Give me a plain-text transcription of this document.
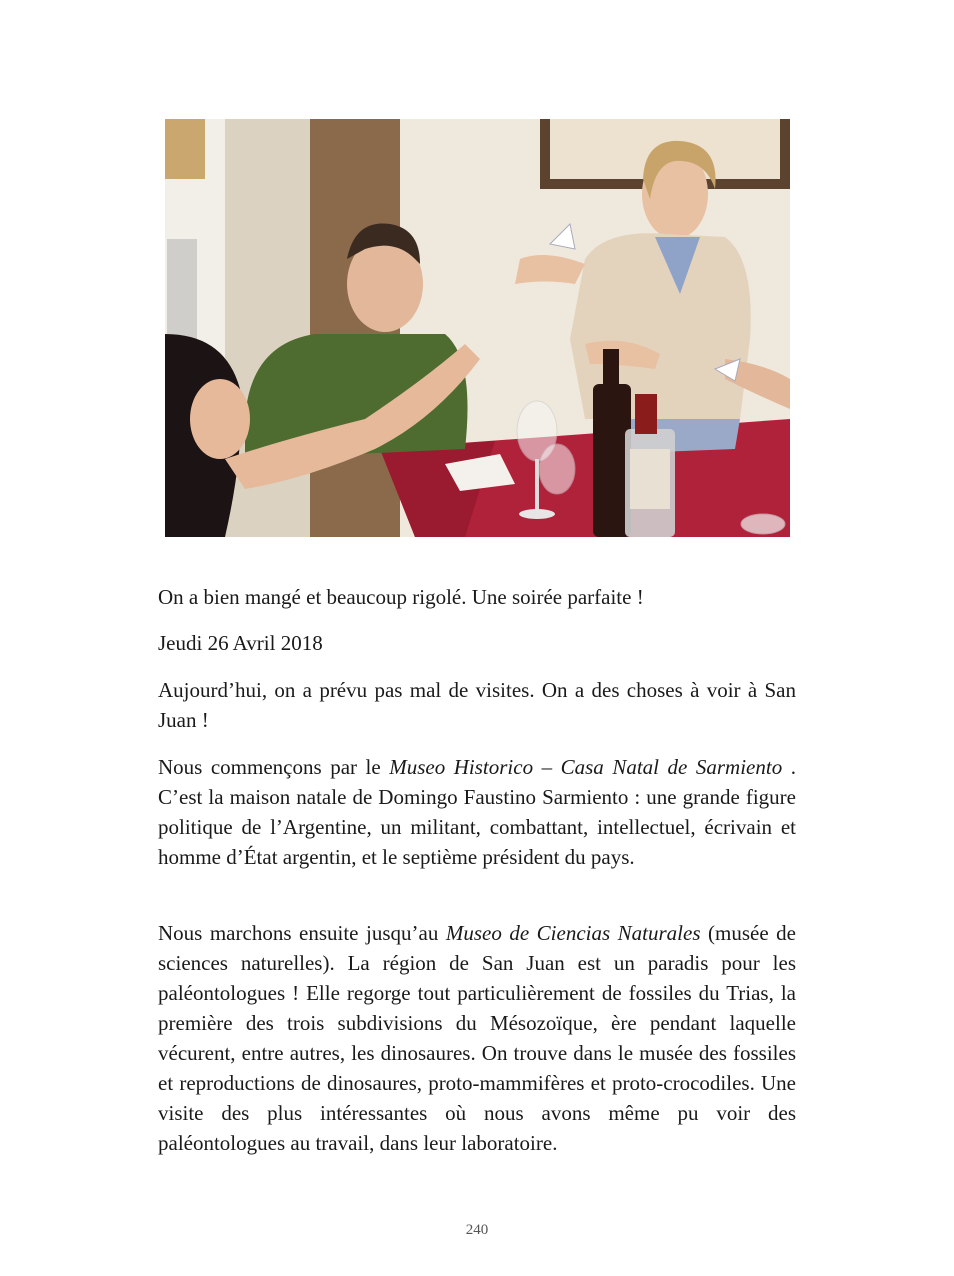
On a bien mangé et beaucoup rigolé. Une soirée parfaite !

Jeudi 26 Avril 2018

Aujourd’hui, on a prévu pas mal de visites. On a des choses à voir à San Juan !

Nous commençons par le Museo Historico – Casa Natal de Sarmiento . C’est la maison natale de Domingo Faustino Sarmiento : une grande figure politique de l’Argentine, un militant, combattant, intellectuel, écrivain et homme d’État argentin, et le septième président du pays.

Nous marchons ensuite jusqu’au Museo de Ciencias Naturales (musée de sciences naturelles). La région de San Juan est un paradis pour les paléontologues ! Elle regorge tout particulièrement de fossiles du Trias, la première des trois subdivisions du Mésozoïque, ère pendant laquelle vécurent, entre autres, les dinosaures. On trouve dans le musée des fossiles et reproductions de dinosaures, proto-mammifères et proto-crocodiles. Une visite des plus intéressantes où nous avons même pu voir des paléontologues au travail, dans leur laboratoire.

240
